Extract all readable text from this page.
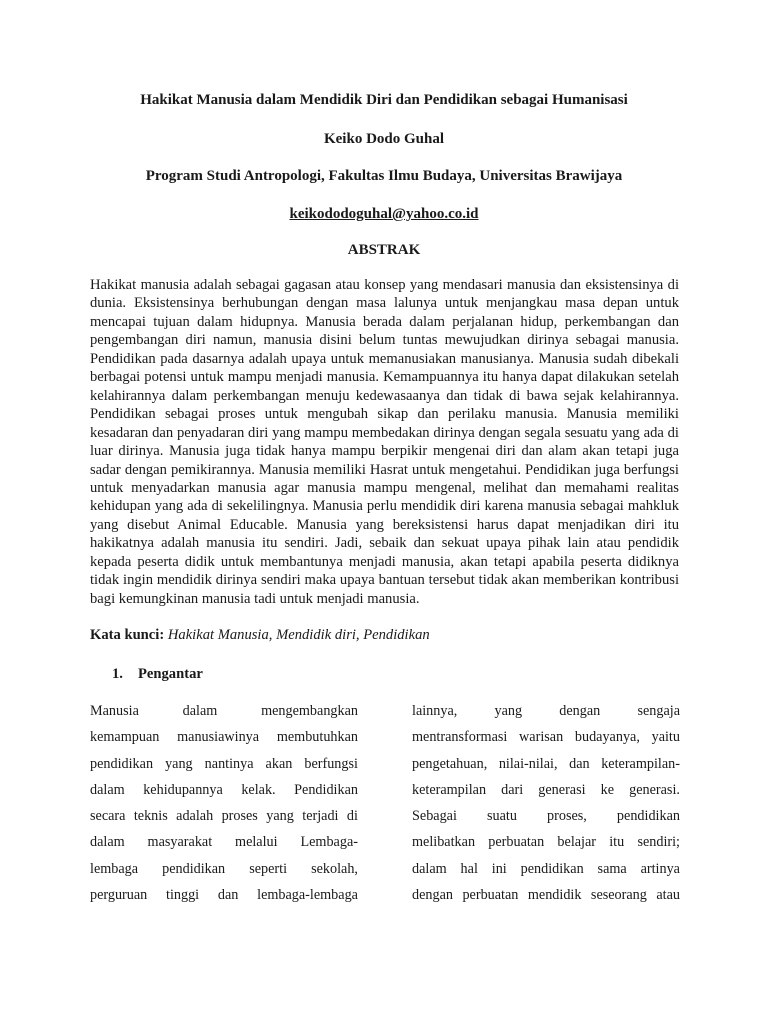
Hakikat Manusia dalam Mendidik Diri dan Pendidikan sebagai Humanisasi
Keiko Dodo Guhal
Program Studi Antropologi, Fakultas Ilmu Budaya, Universitas Brawijaya
keikododoguhal@yahoo.co.id
ABSTRAK
Hakikat manusia adalah sebagai gagasan atau konsep yang mendasari manusia dan eksistensinya di dunia. Eksistensinya berhubungan dengan masa lalunya untuk menjangkau masa depan untuk mencapai tujuan dalam hidupnya. Manusia berada dalam perjalanan hidup, perkembangan dan pengembangan diri namun, manusia disini belum tuntas mewujudkan dirinya sebagai manusia. Pendidikan pada dasarnya adalah upaya untuk memanusiakan manusianya. Manusia sudah dibekali berbagai potensi untuk mampu menjadi manusia. Kemampuannya itu hanya dapat dilakukan setelah kelahirannya dalam perkembangan menuju kedewasaanya dan tidak di bawa sejak kelahirannya. Pendidikan sebagai proses untuk mengubah sikap dan perilaku manusia. Manusia memiliki kesadaran dan penyadaran diri yang mampu membedakan dirinya dengan segala sesuatu yang ada di luar dirinya. Manusia juga tidak hanya mampu berpikir mengenai diri dan alam akan tetapi juga sadar dengan pemikirannya. Manusia memiliki Hasrat untuk mengetahui. Pendidikan juga berfungsi untuk menyadarkan manusia agar manusia mampu mengenal, melihat dan memahami realitas kehidupan yang ada di sekelilingnya. Manusia perlu mendidik diri karena manusia sebagai mahkluk yang disebut Animal Educable. Manusia yang bereksistensi harus dapat menjadikan diri itu hakikatnya adalah manusia itu sendiri. Jadi, sebaik dan sekuat upaya pihak lain atau pendidik kepada peserta didik untuk membantunya menjadi manusia, akan tetapi apabila peserta didiknya tidak ingin mendidik dirinya sendiri maka upaya bantuan tersebut tidak akan memberikan kontribusi bagi kemungkinan manusia tadi untuk menjadi manusia.
Kata kunci: Hakikat Manusia, Mendidik diri, Pendidikan
1. Pengantar
Manusia	dalam	mengembangkan
kemampuan manusiawinya membutuhkan
pendidikan yang nantinya akan berfungsi
dalam kehidupannya kelak. Pendidikan
secara teknis adalah proses yang terjadi di
dalam masyarakat melalui Lembaga-
lembaga pendidikan seperti sekolah,
perguruan tinggi dan lembaga-lembaga
lainnya,	yang	dengan	sengaja
mentransformasi warisan budayanya, yaitu
pengetahuan, nilai-nilai, dan keterampilan-
keterampilan dari generasi ke generasi.
Sebagai suatu proses, pendidikan
melibatkan perbuatan belajar itu sendiri;
dalam hal ini pendidikan sama artinya
dengan perbuatan mendidik seseorang atau
